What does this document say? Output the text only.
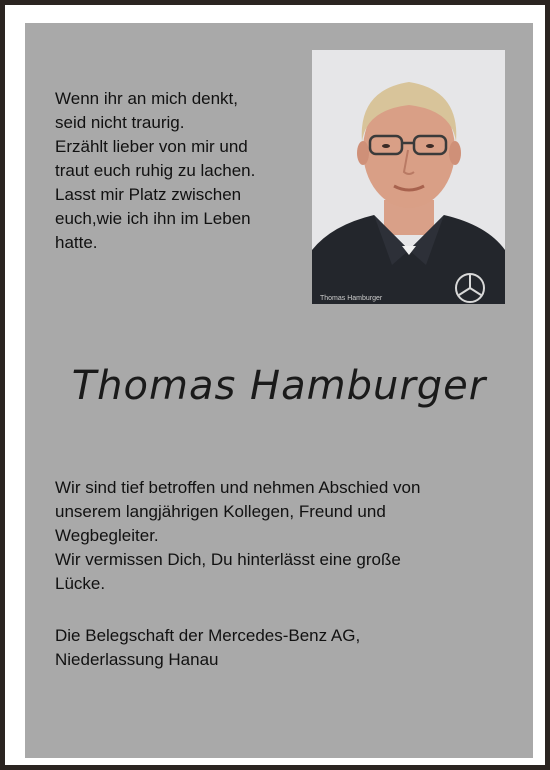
Wenn ihr an mich denkt,
seid nicht traurig.
Erzählt lieber von mir und
traut euch ruhig zu lachen.
Lasst mir Platz zwischen
euch,wie ich ihn im Leben
hatte.
Thomas Hamburger
Thomas Hamburger
Wir sind tief betroffen und nehmen Abschied von
unserem langjährigen Kollegen, Freund und
Wegbegleiter.
Wir vermissen Dich, Du hinterlässt eine große
Lücke.
Die Belegschaft der Mercedes-Benz AG,
Niederlassung Hanau
